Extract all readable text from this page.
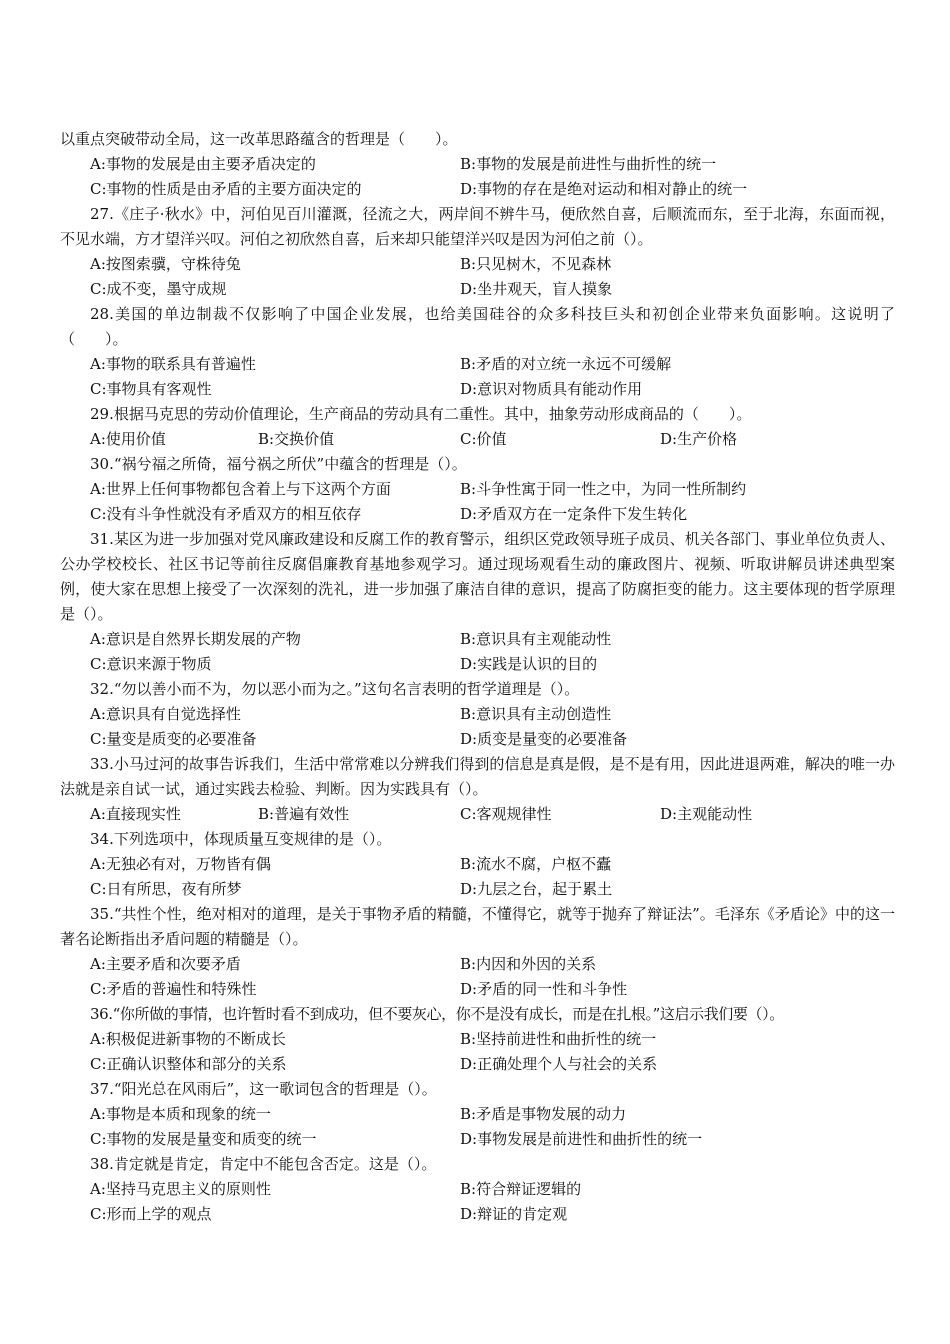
以重点突破带动全局，这一改革思路蕴含的哲理是（　　）。
A:事物的发展是由主要矛盾决定的	B:事物的发展是前进性与曲折性的统一
C:事物的性质是由矛盾的主要方面决定的	D:事物的存在是绝对运动和相对静止的统一

27.《庄子·秋水》中，河伯见百川灌溉，径流之大，两岸间不辨牛马，便欣然自喜，后顺流而东，至于北海，东面而视，不见水端，方才望洋兴叹。河伯之初欣然自喜，后来却只能望洋兴叹是因为河伯之前（）。

A:按图索骥，守株待兔	B:只见树木，不见森林
C:成不变，墨守成规	D:坐井观天，盲人摸象

28.美国的单边制裁不仅影响了中国企业发展，也给美国硅谷的众多科技巨头和初创企业带来负面影响。这说明了（　　）。

A:事物的联系具有普遍性	B:矛盾的对立统一永远不可缓解
C:事物具有客观性	D:意识对物质具有能动作用

29.根据马克思的劳动价值理论，生产商品的劳动具有二重性。其中，抽象劳动形成商品的（　　）。

A:使用价值	B:交换价值	C:价值	D:生产价格

30.“祸兮福之所倚，福兮祸之所伏”中蕴含的哲理是（）。

A:世界上任何事物都包含着上与下这两个方面	B:斗争性寓于同一性之中，为同一性所制约
C:没有斗争性就没有矛盾双方的相互依存	D:矛盾双方在一定条件下发生转化

31.某区为进一步加强对党风廉政建设和反腐工作的教育警示，组织区党政领导班子成员、机关各部门、事业单位负责人、公办学校校长、社区书记等前往反腐倡廉教育基地参观学习。通过现场观看生动的廉政图片、视频、听取讲解员讲述典型案例，使大家在思想上接受了一次深刻的洗礼，进一步加强了廉洁自律的意识，提高了防腐拒变的能力。这主要体现的哲学原理是（）。

A:意识是自然界长期发展的产物	B:意识具有主观能动性
C:意识来源于物质	D:实践是认识的目的

32.“勿以善小而不为，勿以恶小而为之。”这句名言表明的哲学道理是（）。

A:意识具有自觉选择性	B:意识具有主动创造性
C:量变是质变的必要准备	D:质变是量变的必要准备

33.小马过河的故事告诉我们，生活中常常难以分辨我们得到的信息是真是假，是不是有用，因此进退两难，解决的唯一办法就是亲自试一试，通过实践去检验、判断。因为实践具有（）。

A:直接现实性	B:普遍有效性	C:客观规律性	D:主观能动性

34.下列选项中，体现质量互变规律的是（）。

A:无独必有对，万物皆有偶	B:流水不腐，户枢不蠹
C:日有所思，夜有所梦	D:九层之台，起于累土

35.“共性个性，绝对相对的道理，是关于事物矛盾的精髓，不懂得它，就等于抛弃了辩证法”。毛泽东《矛盾论》中的这一著名论断指出矛盾问题的精髓是（）。

A:主要矛盾和次要矛盾	B:内因和外因的关系
C:矛盾的普遍性和特殊性	D:矛盾的同一性和斗争性

36.“你所做的事情，也许暂时看不到成功，但不要灰心，你不是没有成长，而是在扎根。”这启示我们要（）。

A:积极促进新事物的不断成长	B:坚持前进性和曲折性的统一
C:正确认识整体和部分的关系	D:正确处理个人与社会的关系

37.“阳光总在风雨后”，这一歌词包含的哲理是（）。

A:事物是本质和现象的统一	B:矛盾是事物发展的动力
C:事物的发展是量变和质变的统一	D:事物发展是前进性和曲折性的统一

38.肯定就是肯定，肯定中不能包含否定。这是（）。

A:坚持马克思主义的原则性	B:符合辩证逻辑的
C:形而上学的观点	D:辩证的肯定观
